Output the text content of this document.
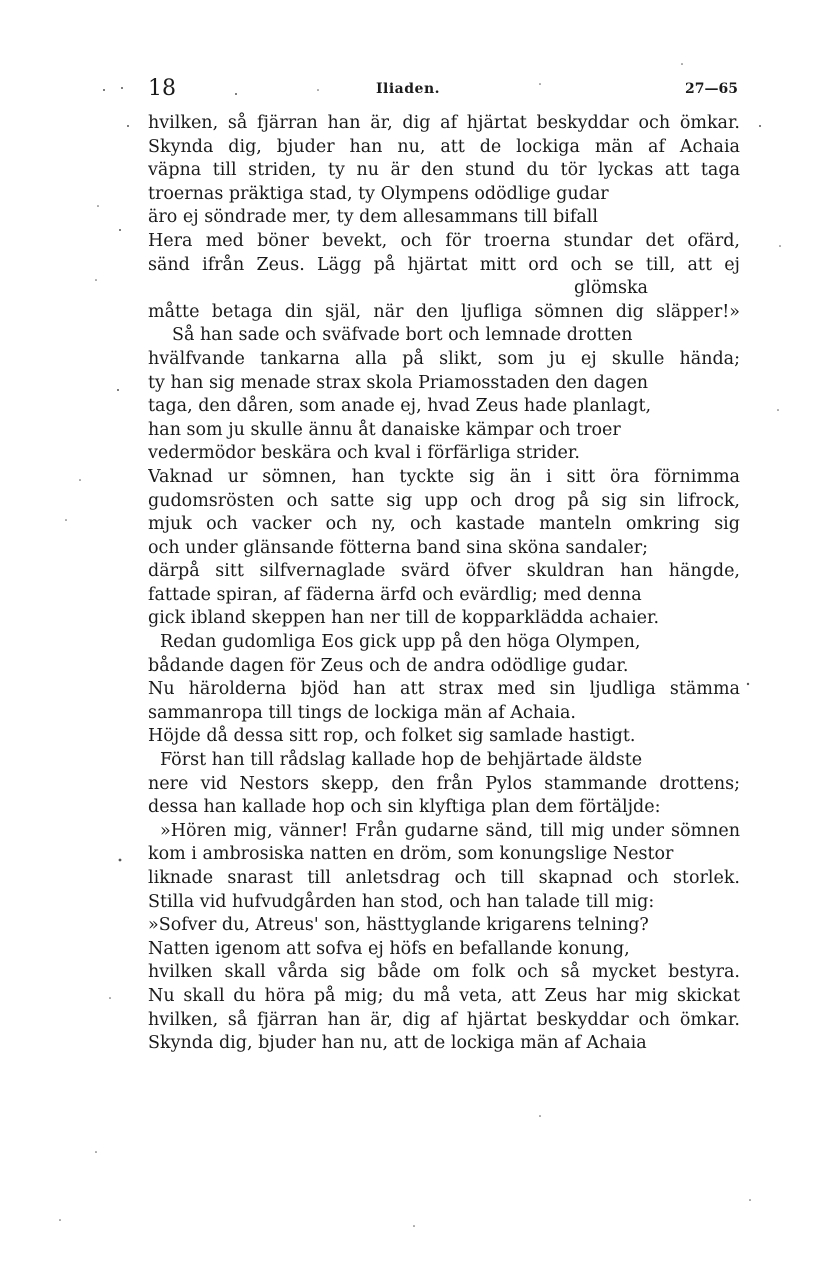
18	Iliaden.	27—65
hvilken, så fjärran han är, dig af hjärtat beskyddar och ömkar.
Skynda dig, bjuder han nu, att de lockiga män af Achaia
väpna till striden, ty nu är den stund du tör lyckas att taga
troernas präktiga stad, ty Olympens odödlige gudar
äro ej söndrade mer, ty dem allesammans till bifall
Hera med böner bevekt, och för troerna stundar det ofärd,
sänd ifrån Zeus. Lägg på hjärtat mitt ord och se till, att ej
glömska
måtte betaga din själ, när den ljufliga sömnen dig släpper!»
Så han sade och sväfvade bort och lemnade drotten
hvälfvande tankarna alla på slikt, som ju ej skulle hända;
ty han sig menade strax skola Priamosstaden den dagen
taga, den dåren, som anade ej, hvad Zeus hade planlagt,
han som ju skulle ännu åt danaiske kämpar och troer
vedermödor beskära och kval i förfärliga strider.
Vaknad ur sömnen, han tyckte sig än i sitt öra förnimma
gudomsrösten och satte sig upp och drog på sig sin lifrock,
mjuk och vacker och ny, och kastade manteln omkring sig
och under glänsande fötterna band sina sköna sandaler;
därpå sitt silfvernaglade svärd öfver skuldran han hängde,
fattade spiran, af fäderna ärfd och evärdlig; med denna
gick ibland skeppen han ner till de kopparklädda achaier.
Redan gudomliga Eos gick upp på den höga Olympen,
bådande dagen för Zeus och de andra odödlige gudar.
Nu härolderna bjöd han att strax med sin ljudliga stämma
sammanropa till tings de lockiga män af Achaia.
Höjde då dessa sitt rop, och folket sig samlade hastigt.
Först han till rådslag kallade hop de behjärtade äldste
nere vid Nestors skepp, den från Pylos stammande drottens;
dessa han kallade hop och sin klyftiga plan dem förtäljde:
»Hören mig, vänner! Från gudarne sänd, till mig under sömnen
kom i ambrosiska natten en dröm, som konungslige Nestor
liknade snarast till anletsdrag och till skapnad och storlek.
Stilla vid hufvudgården han stod, och han talade till mig:
»Sofver du, Atreus' son, hästtyglande krigarens telning?
Natten igenom att sofva ej höfs en befallande konung,
hvilken skall vårda sig både om folk och så mycket bestyra.
Nu skall du höra på mig; du må veta, att Zeus har mig skickat
hvilken, så fjärran han är, dig af hjärtat beskyddar och ömkar.
Skynda dig, bjuder han nu, att de lockiga män af Achaia
